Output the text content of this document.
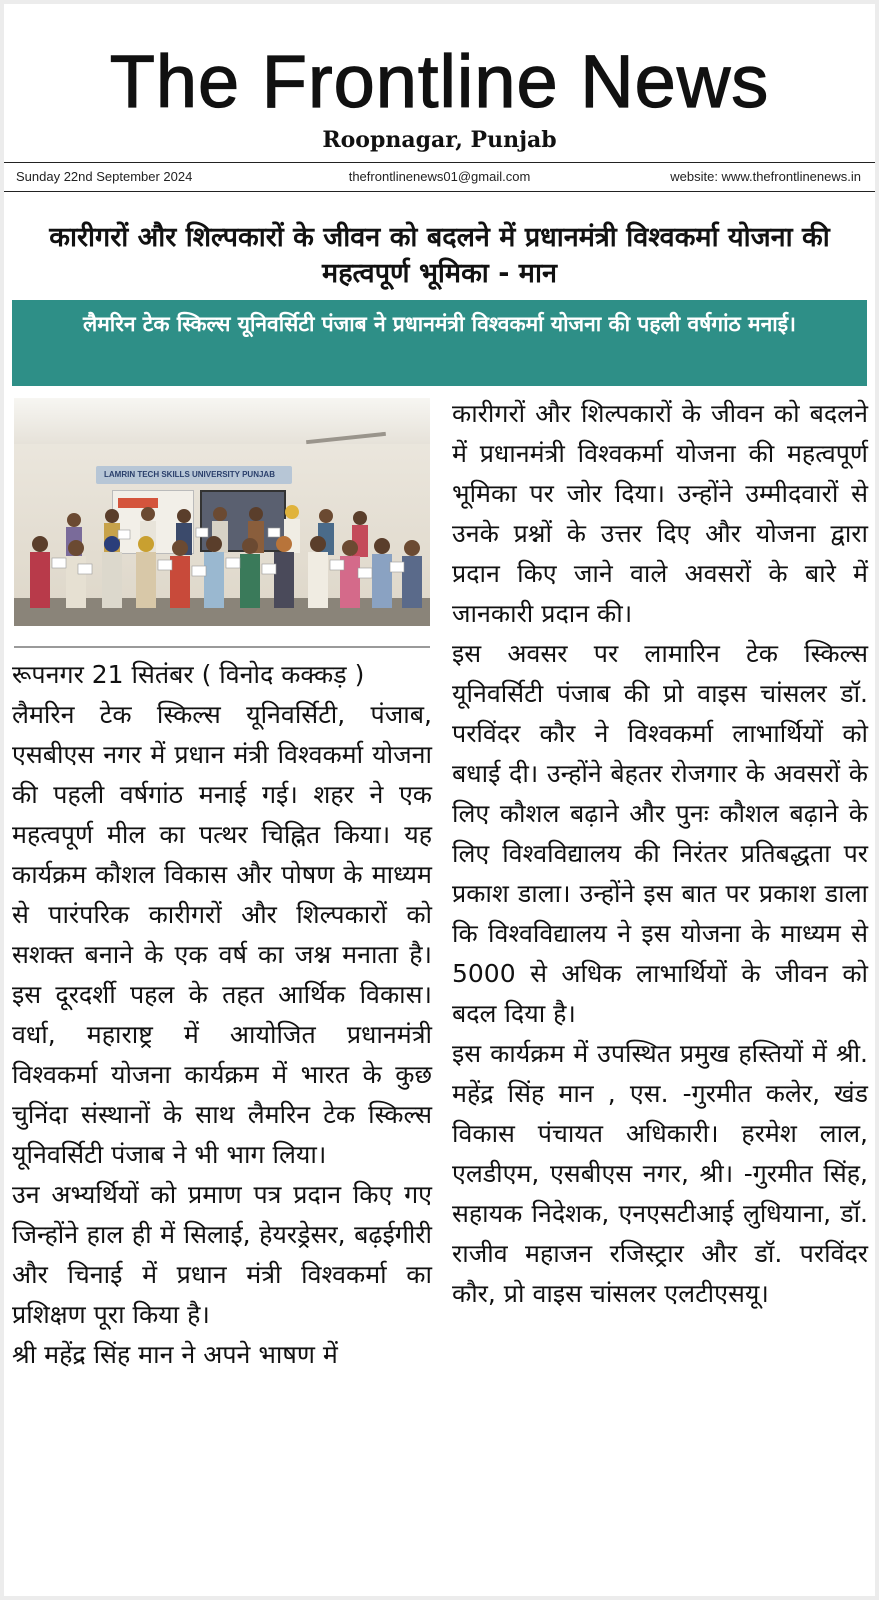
The Frontline News
Roopnagar, Punjab
Sunday 22nd September 2024	thefrontlinenews01@gmail.com	website: www.thefrontlinenews.in
कारीगरों और शिल्पकारों के जीवन को बदलने में प्रधानमंत्री विश्वकर्मा योजना की महत्वपूर्ण भूमिका - मान
लैमरिन टेक स्किल्स यूनिवर्सिटी पंजाब ने प्रधानमंत्री विश्वकर्मा योजना की पहली वर्षगांठ मनाई।
LAMRIN TECH SKILLS UNIVERSITY PUNJAB

रूपनगर 21 सितंबर ( विनोद कक्कड़ )

लैमरिन टेक स्किल्स यूनिवर्सिटी, पंजाब, एसबीएस नगर में प्रधान मंत्री विश्वकर्मा योजना की पहली वर्षगांठ मनाई गई। शहर ने एक महत्वपूर्ण मील का पत्थर चिह्नित किया। यह कार्यक्रम कौशल विकास और पोषण के माध्यम से पारंपरिक कारीगरों और शिल्पकारों को सशक्त बनाने के एक वर्ष का जश्न मनाता है। इस दूरदर्शी पहल के तहत आर्थिक विकास। वर्धा, महाराष्ट्र में आयोजित प्रधानमंत्री विश्वकर्मा योजना कार्यक्रम में भारत के कुछ चुनिंदा संस्थानों के साथ लैमरिन टेक स्किल्स यूनिवर्सिटी पंजाब ने भी भाग लिया।

उन अभ्यर्थियों को प्रमाण पत्र प्रदान किए गए जिन्होंने हाल ही में सिलाई, हेयरड्रेसर, बढ़ईगीरी और चिनाई में प्रधान मंत्री विश्वकर्मा का प्रशिक्षण पूरा किया है।

श्री महेंद्र सिंह मान ने अपने भाषण में

कारीगरों और शिल्पकारों के जीवन को बदलने में प्रधानमंत्री विश्वकर्मा योजना की महत्वपूर्ण भूमिका पर जोर दिया। उन्होंने उम्मीदवारों से उनके प्रश्नों के उत्तर दिए और योजना द्वारा प्रदान किए जाने वाले अवसरों के बारे में जानकारी प्रदान की।

इस अवसर पर लामारिन टेक स्किल्स यूनिवर्सिटी पंजाब की प्रो वाइस चांसलर डॉ. परविंदर कौर ने विश्वकर्मा लाभार्थियों को बधाई दी। उन्होंने बेहतर रोजगार के अवसरों के लिए कौशल बढ़ाने और पुनः कौशल बढ़ाने के लिए विश्वविद्यालय की निरंतर प्रतिबद्धता पर प्रकाश डाला। उन्होंने इस बात पर प्रकाश डाला कि विश्वविद्यालय ने इस योजना के माध्यम से 5000 से अधिक लाभार्थियों के जीवन को बदल दिया है।

इस कार्यक्रम में उपस्थित प्रमुख हस्तियों में श्री. महेंद्र सिंह मान , एस. -गुरमीत कलेर, खंड विकास पंचायत अधिकारी। हरमेश लाल, एलडीएम, एसबीएस नगर, श्री। -गुरमीत सिंह, सहायक निदेशक, एनएसटीआई लुधियाना, डॉ. राजीव महाजन रजिस्ट्रार और डॉ. परविंदर कौर, प्रो वाइस चांसलर एलटीएसयू।
